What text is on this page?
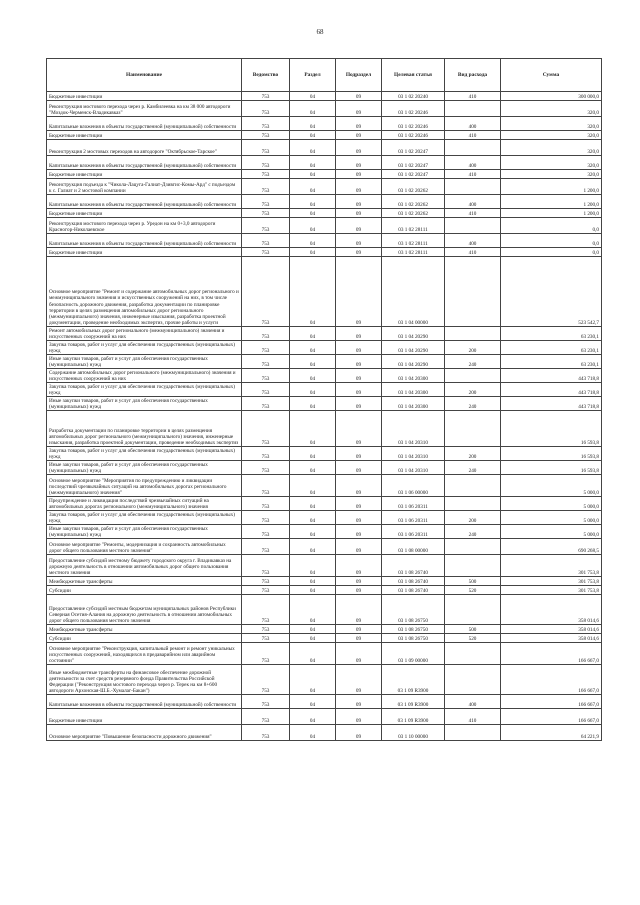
68
Наименование	Ведомство	Раздел	Подраздел	Целевая статья	Вид расхода	Сумма
Бюджетные инвестиции	753	04	09	03 1 02 20240	410	300 000,0
Реконструкция мостового перехода через р. Камбилеевка на км 38 000 автодороги "Моздок-Черменск-Владикавказ"	753	04	09	03 1 02 20246		320,0
Капитальные вложения в объекты государственной (муниципальной) собственности	753	04	09	03 1 02 20246	400	320,0
Бюджетные инвестиции	753	04	09	03 1 02 20246	410	320,0
Реконструкция 2 мостовых переходов на автодороге "Октябрьское-Тарское"	753	04	09	03 1 02 20247		320,0
Капитальные вложения в объекты государственной (муниципальной) собственности	753	04	09	03 1 02 20247	400	320,0
Бюджетные инвестиции	753	04	09	03 1 02 20247	410	320,0
Реконструкция подъезда к "Чикола-Лацуга-Галиат-Дзивгис-Комы-Ард" с подъездом к с. Галиат и 2 мостовой компании	753	04	09	03 1 02 20262		1 200,0
Капитальные вложения в объекты государственной (муниципальной) собственности	753	04	09	03 1 02 20262	400	1 200,0
Бюджетные инвестиции	753	04	09	03 1 02 20262	410	1 200,0
Реконструкция мостового перехода через р. Уредон на км 0+3,0 автодороги Красногор-Николаевское	753	04	09	03 1 02 28111		0,0
Капитальные вложения в объекты государственной (муниципальной) собственности	753	04	09	03 1 02 28111	400	0,0
Бюджетные инвестиции	753	04	09	03 1 02 28111	410	0,0
Основное мероприятие "Ремонт и содержание автомобильных дорог регионального и межмуниципального значения и искусственных сооружений на них, в том числе безопасность дорожного движения, разработка документации по планировке территории в целях размещения автомобильных дорог регионального (межмуниципального) значения, инженерные изыскания, разработка проектной документации, проведение необходимых экспертиз, прочие работы и услуги	753	04	09	03 1 04 00000		523 542,7
Ремонт автомобильных дорог регионального (межмуниципального) значения и искусственных сооружений на них	753	04	09	03 1 04 20290		63 230,1
Закупка товаров, работ и услуг для обеспечения государственных (муниципальных) нужд	753	04	09	03 1 04 20290	200	63 230,1
Иные закупки товаров, работ и услуг для обеспечения государственных (муниципальных) нужд	753	04	09	03 1 04 20290	240	63 230,1
Содержание автомобильных дорог регионального (межмуниципального) значения и искусственных сооружений на них	753	04	09	03 1 04 20300		443 718,8
Закупка товаров, работ и услуг для обеспечения государственных (муниципальных) нужд	753	04	09	03 1 04 20300	200	443 718,8
Иные закупки товаров, работ и услуг для обеспечения государственных (муниципальных) нужд	753	04	09	03 1 04 20300	240	443 718,8
Разработка документации по планировке территории в целях размещения автомобильных дорог регионального (межмуниципального) значения, инженерные изыскания, разработка проектной документации, проведение необходимых экспертиз	753	04	09	03 1 04 20310		16 593,8
Закупка товаров, работ и услуг для обеспечения государственных (муниципальных) нужд	753	04	09	03 1 04 20310	200	16 593,8
Иные закупки товаров, работ и услуг для обеспечения государственных (муниципальных) нужд	753	04	09	03 1 04 20310	240	16 593,8
Основное мероприятие "Мероприятия по предупреждению и ликвидации последствий чрезвычайных ситуаций на автомобильных дорогах регионального (межмуниципального) значения"	753	04	09	03 1 06 00000		5 000,0
Предупреждение и ликвидация последствий чрезвычайных ситуаций на автомобильных дорогах регионального (межмуниципального) значения	753	04	09	03 1 06 20311		5 000,0
Закупка товаров, работ и услуг для обеспечения государственных (муниципальных) нужд	753	04	09	03 1 06 20311	200	5 000,0
Иные закупки товаров, работ и услуг для обеспечения государственных (муниципальных) нужд	753	04	09	03 1 06 20311	240	5 000,0
Основное мероприятие "Ремонты, модернизация и сохранность автомобильных дорог общего пользования местного значения"	753	04	09	03 1 08 00000		690 268,5
Предоставление субсидий местному бюджету городского округа г. Владикавказ на дорожную деятельность в отношении автомобильных дорог общего пользования местного значения	753	04	09	03 1 08 26740		301 753,8
Межбюджетные трансферты	753	04	09	03 1 08 26740	500	301 753,8
Субсидии	753	04	09	03 1 08 26740	520	301 753,8
Предоставление субсидий местным бюджетам муниципальных районов Республики Северная Осетия-Алания на дорожную деятельность в отношении автомобильных дорог общего пользования местного значения	753	04	09	03 1 08 26750		358 014,6
Межбюджетные трансферты	753	04	09	03 1 08 26750	500	358 014,6
Субсидии	753	04	09	03 1 08 26750	520	358 014,6
Основное мероприятие "Реконструкция, капитальный ремонт и ремонт уникальных искусственных сооружений, находящихся в предаварийном или аварийном состоянии"	753	04	09	03 1 09 00000		166 667,0
Иные межбюджетные трансферты на финансовое обеспечение дорожной деятельности за счет средств резервного фонда Правительства Российской Федерации ("Реконструкция мостового перехода через р. Терек на км 8+600 автодороги Архонская-Ш.Б.-Хумалаг-Бакан")	753	04	09	03 1 09 R3900		166 667,0
Капитальные вложения в объекты государственной (муниципальной) собственности	753	04	09	03 1 09 R3900	400	166 667,0
Бюджетные инвестиции	753	04	09	03 1 09 R3900	410	166 667,0
Основное мероприятие "Повышение безопасности дорожного движения"	753	04	09	03 1 10 00000		64 221,9
